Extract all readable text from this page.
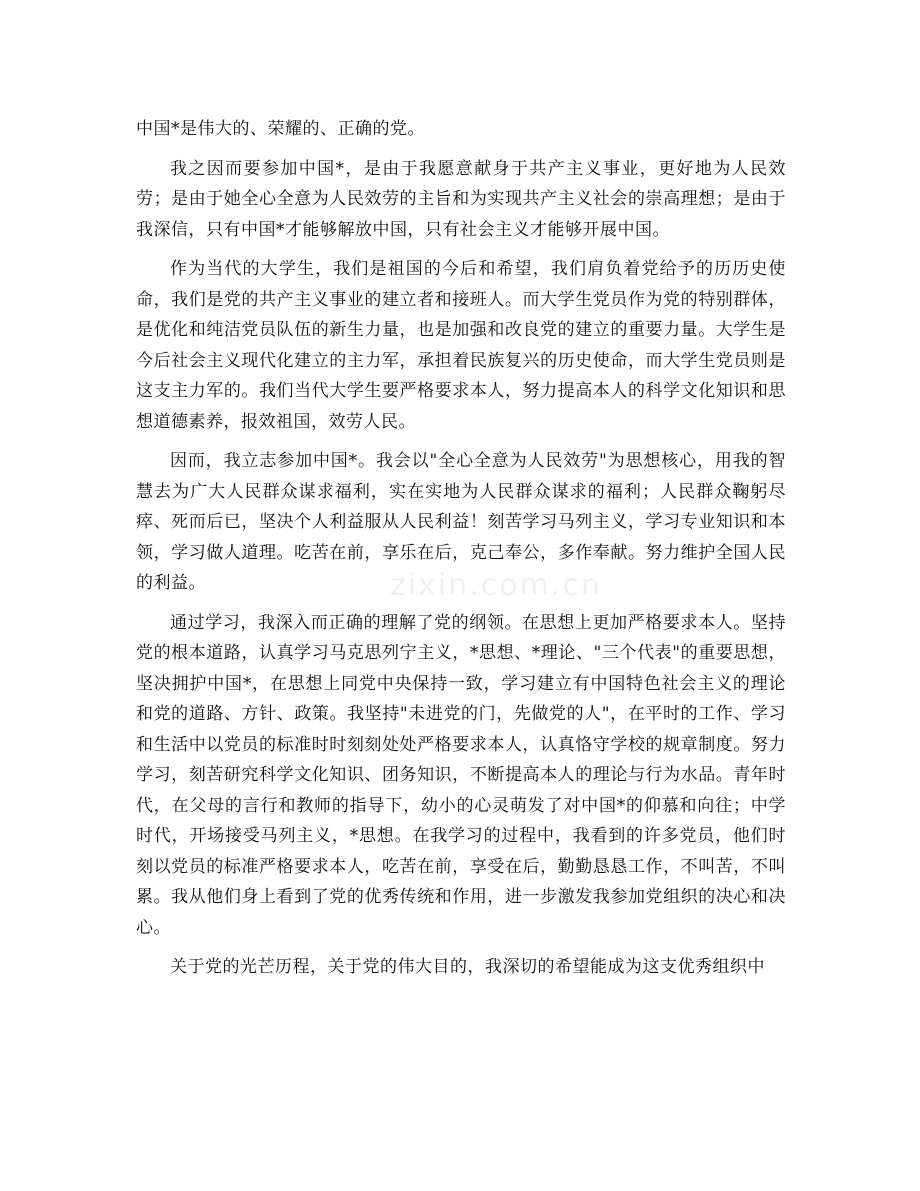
中国*是伟大的、荣耀的、正确的党。

我之因而要参加中国*，是由于我愿意献身于共产主义事业，更好地为人民效劳；是由于她全心全意为人民效劳的主旨和为实现共产主义社会的崇高理想；是由于我深信，只有中国*才能够解放中国，只有社会主义才能够开展中国。

作为当代的大学生，我们是祖国的今后和希望，我们肩负着党给予的历历史使命，我们是党的共产主义事业的建立者和接班人。而大学生党员作为党的特别群体，是优化和纯洁党员队伍的新生力量，也是加强和改良党的建立的重要力量。大学生是今后社会主义现代化建立的主力军，承担着民族复兴的历史使命，而大学生党员则是这支主力军的。我们当代大学生要严格要求本人，努力提高本人的科学文化知识和思想道德素养，报效祖国，效劳人民。

因而，我立志参加中国*。我会以"全心全意为人民效劳"为思想核心，用我的智慧去为广大人民群众谋求福利，实在实地为人民群众谋求的福利；人民群众鞠躬尽瘁、死而后已，坚决个人利益服从人民利益！刻苦学习马列主义，学习专业知识和本领，学习做人道理。吃苦在前，享乐在后，克己奉公，多作奉献。努力维护全国人民的利益。

通过学习，我深入而正确的理解了党的纲领。在思想上更加严格要求本人。坚持党的根本道路，认真学习马克思列宁主义，*思想、*理论、"三个代表"的重要思想，坚决拥护中国*，在思想上同党中央保持一致，学习建立有中国特色社会主义的理论和党的道路、方针、政策。我坚持"未进党的门，先做党的人"，在平时的工作、学习和生活中以党员的标准时时刻刻处处严格要求本人，认真恪守学校的规章制度。努力学习，刻苦研究科学文化知识、团务知识，不断提高本人的理论与行为水品。青年时代，在父母的言行和教师的指导下，幼小的心灵萌发了对中国*的仰慕和向往；中学时代，开场接受马列主义，*思想。在我学习的过程中，我看到的许多党员，他们时刻以党员的标准严格要求本人，吃苦在前，享受在后，勤勤恳恳工作，不叫苦，不叫累。我从他们身上看到了党的优秀传统和作用，进一步激发我参加党组织的决心和决心。

关于党的光芒历程，关于党的伟大目的，我深切的希望能成为这支优秀组织中

zixin.com.cn
